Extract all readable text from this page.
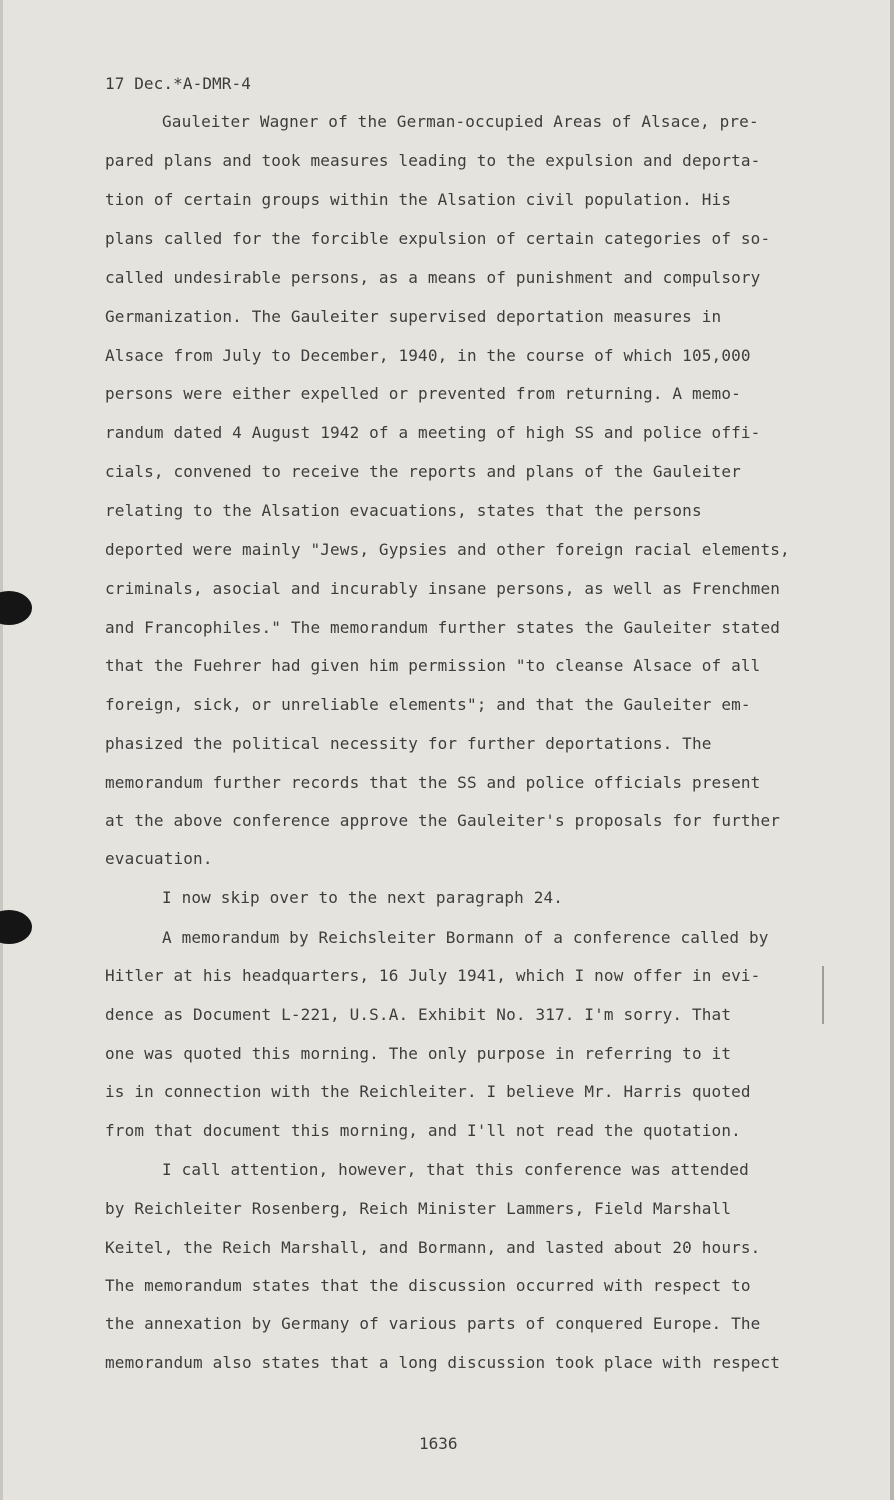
17 Dec.*A-DMR-4
Gauleiter Wagner of the German-occupied Areas of Alsace, pre-
pared plans and took measures leading to the expulsion and deporta-
tion of certain groups within the Alsation civil population. His
plans called for the forcible expulsion of certain categories of so-
called undesirable persons, as a means of punishment and compulsory
Germanization. The Gauleiter supervised deportation measures in
Alsace from July to December, 1940, in the course of which 105,000
persons were either expelled or prevented from returning. A memo-
randum dated 4 August 1942 of a meeting of high SS and police offi-
cials, convened to receive the reports and plans of the Gauleiter
relating to the Alsation evacuations, states that the persons
deported were mainly "Jews, Gypsies and other foreign racial elements,
criminals, asocial and incurably insane persons, as well as Frenchmen
and Francophiles." The memorandum further states the Gauleiter stated
that the Fuehrer had given him permission "to cleanse Alsace of all
foreign, sick, or unreliable elements"; and that the Gauleiter em-
phasized the political necessity for further deportations. The
memorandum further records that the SS and police officials present
at the above conference approve the Gauleiter's proposals for further
evacuation.
I now skip over to the next paragraph 24.
A memorandum by Reichsleiter Bormann of a conference called by
Hitler at his headquarters, 16 July 1941, which I now offer in evi-
dence as Document L-221, U.S.A. Exhibit No. 317. I'm sorry. That
one was quoted this morning. The only purpose in referring to it
is in connection with the Reichleiter. I believe Mr. Harris quoted
from that document this morning, and I'll not read the quotation.
I call attention, however, that this conference was attended
by Reichleiter Rosenberg, Reich Minister Lammers, Field Marshall
Keitel, the Reich Marshall, and Bormann, and lasted about 20 hours.
The memorandum states that the discussion occurred with respect to
the annexation by Germany of various parts of conquered Europe. The
memorandum also states that a long discussion took place with respect
1636
